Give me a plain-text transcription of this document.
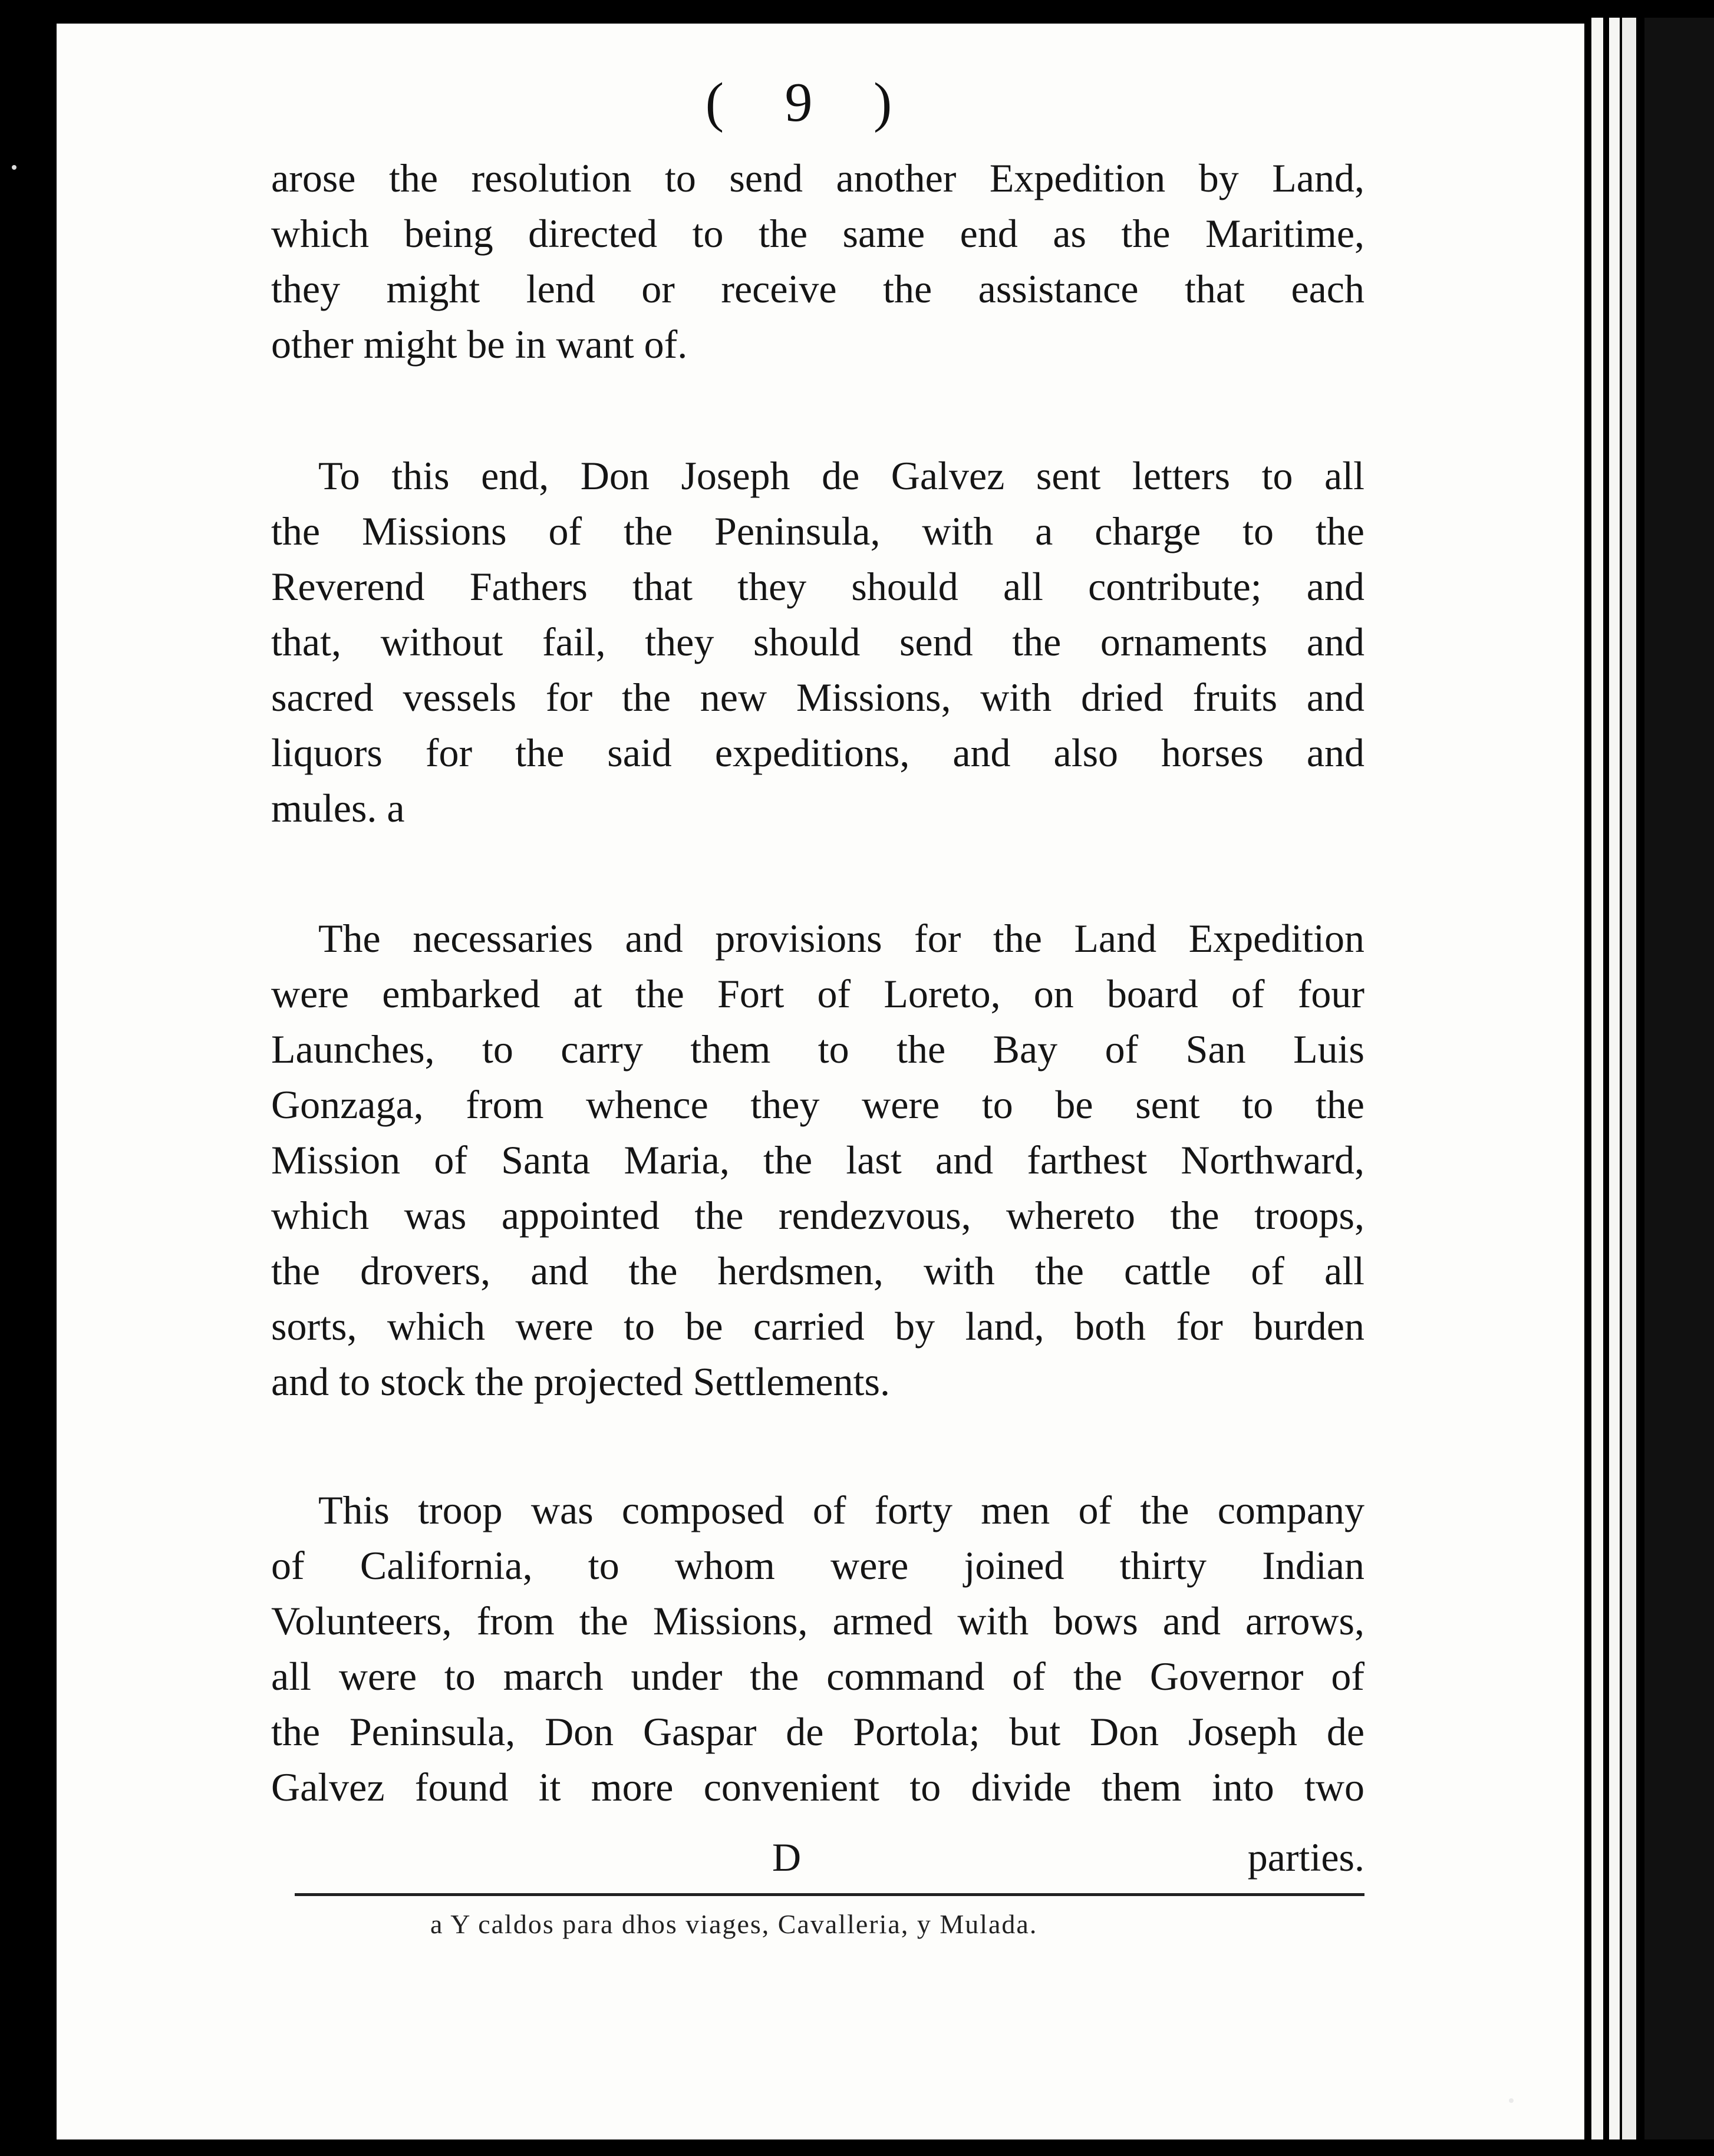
( 9 )

arose the resolution to send another Expedition by Land,
which being directed to the same end as the Maritime,
they might lend or receive the assistance that each
other might be in want of.

To this end, Don Joseph de Galvez sent letters to all
the Missions of the Peninsula, with a charge to the
Reverend Fathers that they should all contribute; and
that, without fail, they should send the ornaments and
sacred vessels for the new Missions, with dried fruits and
liquors for the said expeditions, and also horses and
mules. a

The necessaries and provisions for the Land Expedition
were embarked at the Fort of Loreto, on board of four
Launches, to carry them to the Bay of San Luis
Gonzaga, from whence they were to be sent to the
Mission of Santa Maria, the last and farthest Northward,
which was appointed the rendezvous, whereto the troops,
the drovers, and the herdsmen, with the cattle of all
sorts, which were to be carried by land, both for burden
and to stock the projected Settlements.

This troop was composed of forty men of the company
of California, to whom were joined thirty Indian
Volunteers, from the Missions, armed with bows and arrows,
all were to march under the command of the Governor of
the Peninsula, Don Gaspar de Portola; but Don Joseph de
Galvez found it more convenient to divide them into two

D	parties.
a Y caldos para dhos viages, Cavalleria, y Mulada.
